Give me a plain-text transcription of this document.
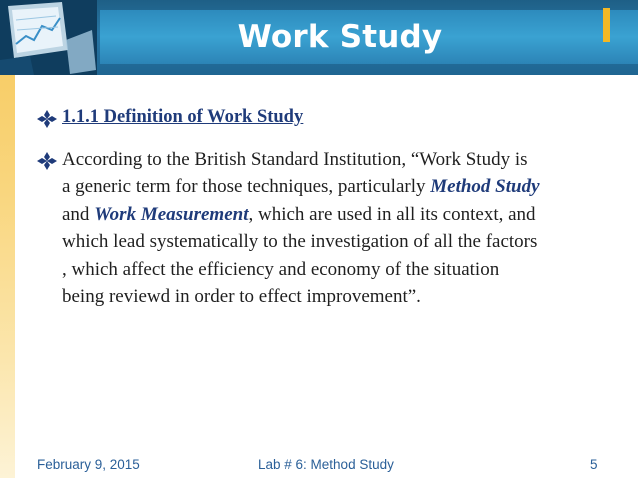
Work Study
1.1.1 Definition of Work Study
According to the British Standard Institution, “Work Study is
a generic term for those techniques, particularly Method Study
and Work Measurement, which are used in all its context, and
which lead systematically to the investigation of all the factors
, which affect the efficiency and economy of the situation
being reviewd in order to effect improvement”.
February 9, 2015	Lab # 6: Method Study	5
